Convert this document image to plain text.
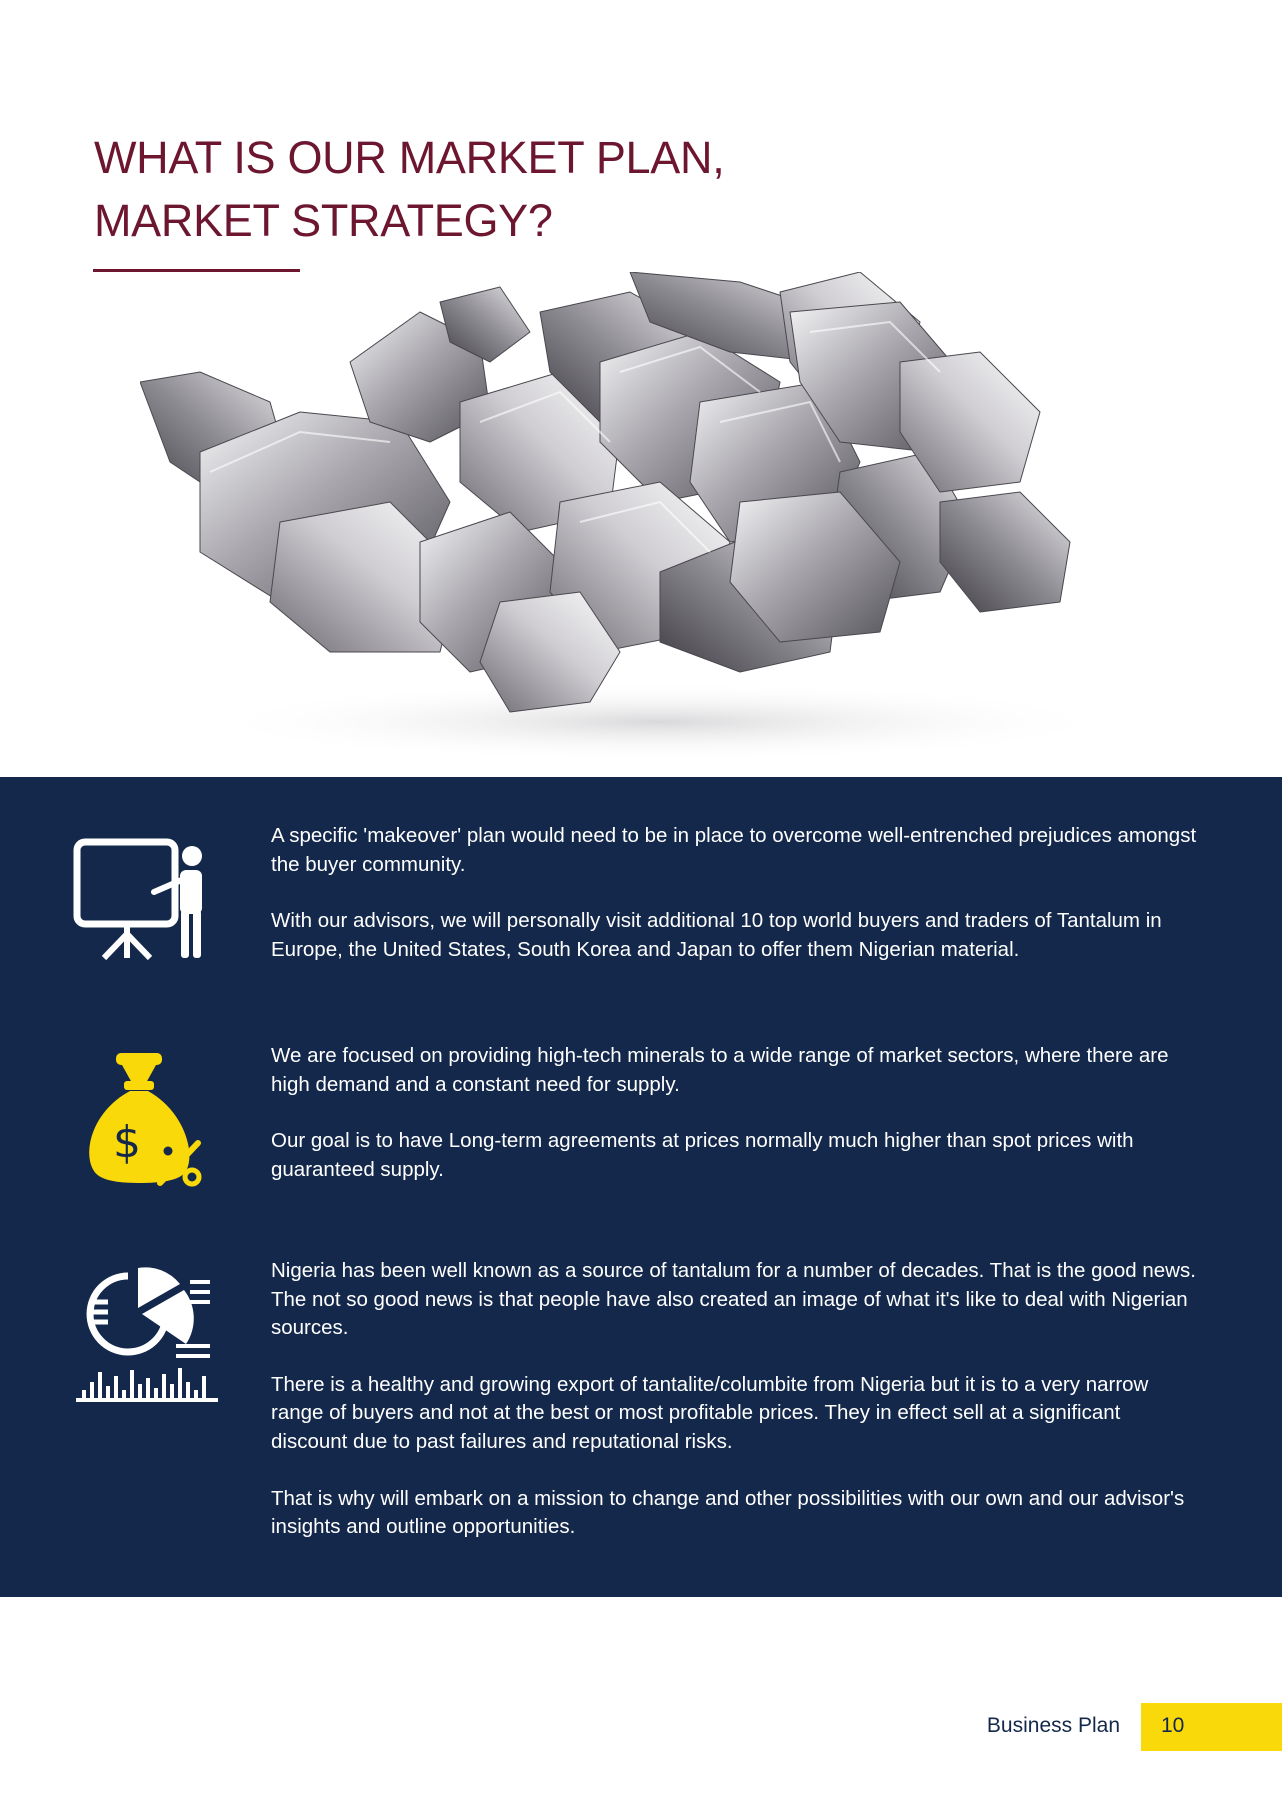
WHAT IS OUR MARKET PLAN,
MARKET STRATEGY?

A specific 'makeover' plan would need to be in place to overcome well-entrenched prejudices amongst the buyer community.

With our advisors, we will personally visit additional 10 top world buyers and traders of Tantalum in Europe, the United States, South Korea and Japan to offer them Nigerian material.

$

We are focused on providing high-tech minerals to a wide range of market sectors, where there are high demand and a constant need for supply.

Our goal is to have Long-term agreements at prices normally much higher than spot prices with guaranteed supply.

Nigeria has been well known as a source of tantalum for a number of decades. That is the good news. The not so good news is that people have also created an image of what it's like to deal with Nigerian sources.

There is a healthy and growing export of tantalite/columbite from Nigeria but it is to a very narrow range of buyers and not at the best or most profitable prices. They in effect sell at a significant discount due to past failures and reputational risks.

That is why will embark on a mission to change and other possibilities with our own and our advisor's insights and outline opportunities.

Business Plan 10
